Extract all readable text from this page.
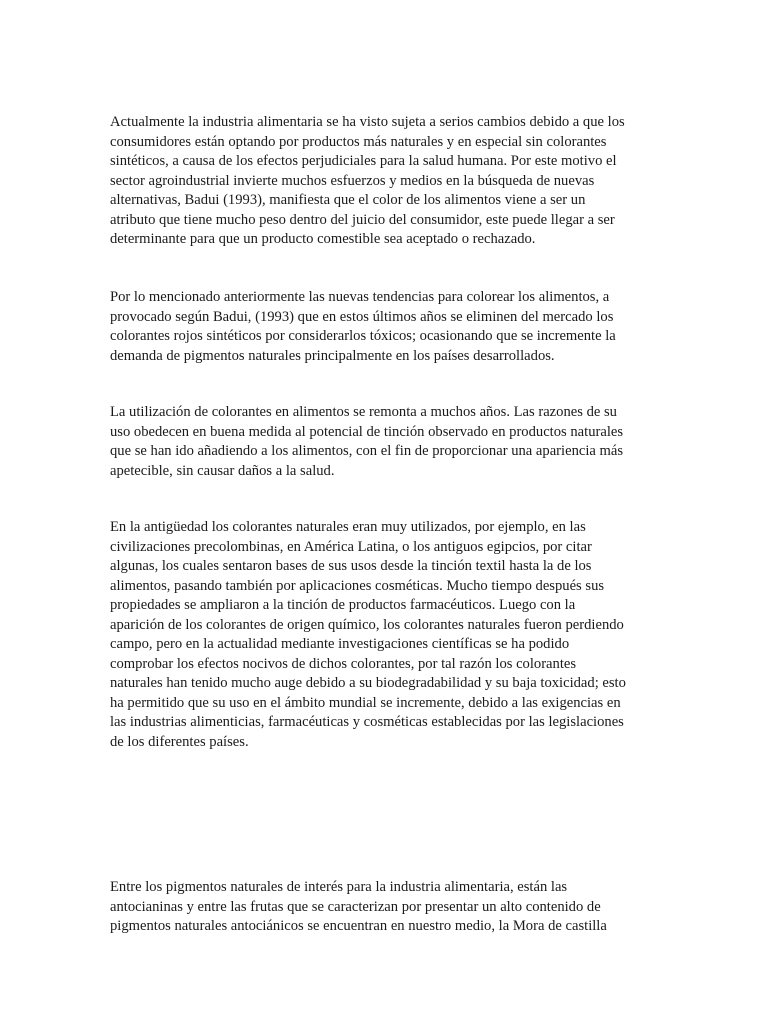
Actualmente la industria alimentaria se ha visto sujeta a serios cambios debido a que los
consumidores están optando por productos más naturales y en especial sin colorantes
sintéticos, a causa de los efectos perjudiciales para la salud humana. Por este motivo el
sector agroindustrial invierte muchos esfuerzos y medios en la búsqueda de nuevas
alternativas, Badui (1993), manifiesta que el color de los alimentos viene a ser un
atributo que tiene mucho peso dentro del juicio del consumidor, este puede llegar a ser
determinante para que un producto comestible sea aceptado o rechazado.

Por lo mencionado anteriormente las nuevas tendencias para colorear los alimentos, a
provocado según Badui, (1993) que en estos últimos años se eliminen del mercado los
colorantes rojos sintéticos por considerarlos tóxicos; ocasionando que se incremente la
demanda de pigmentos naturales principalmente en los países desarrollados.

La utilización de colorantes en alimentos se remonta a muchos años. Las razones de su
uso obedecen en buena medida al potencial de tinción observado en productos naturales
que se han ido añadiendo a los alimentos, con el fin de proporcionar una apariencia más
apetecible, sin causar daños a la salud.

En la antigüedad los colorantes naturales eran muy utilizados, por ejemplo, en las
civilizaciones precolombinas, en América Latina, o los antiguos egipcios, por citar
algunas, los cuales sentaron bases de sus usos desde la tinción textil hasta la de los
alimentos, pasando también por aplicaciones cosméticas. Mucho tiempo después sus
propiedades se ampliaron a la tinción de productos farmacéuticos. Luego con la
aparición de los colorantes de origen químico, los colorantes naturales fueron perdiendo
campo, pero en la actualidad mediante investigaciones científicas se ha podido
comprobar los efectos nocivos de dichos colorantes, por tal razón los colorantes
naturales han tenido mucho auge debido a su biodegradabilidad y su baja toxicidad; esto
ha permitido que su uso en el ámbito mundial se incremente, debido a las exigencias en
las industrias alimenticias, farmacéuticas y cosméticas establecidas por las legislaciones
de los diferentes países.

Entre los pigmentos naturales de interés para la industria alimentaria, están las
antocianinas y entre las frutas que se caracterizan por presentar un alto contenido de
pigmentos naturales antociánicos se encuentran en nuestro medio, la Mora de castilla
